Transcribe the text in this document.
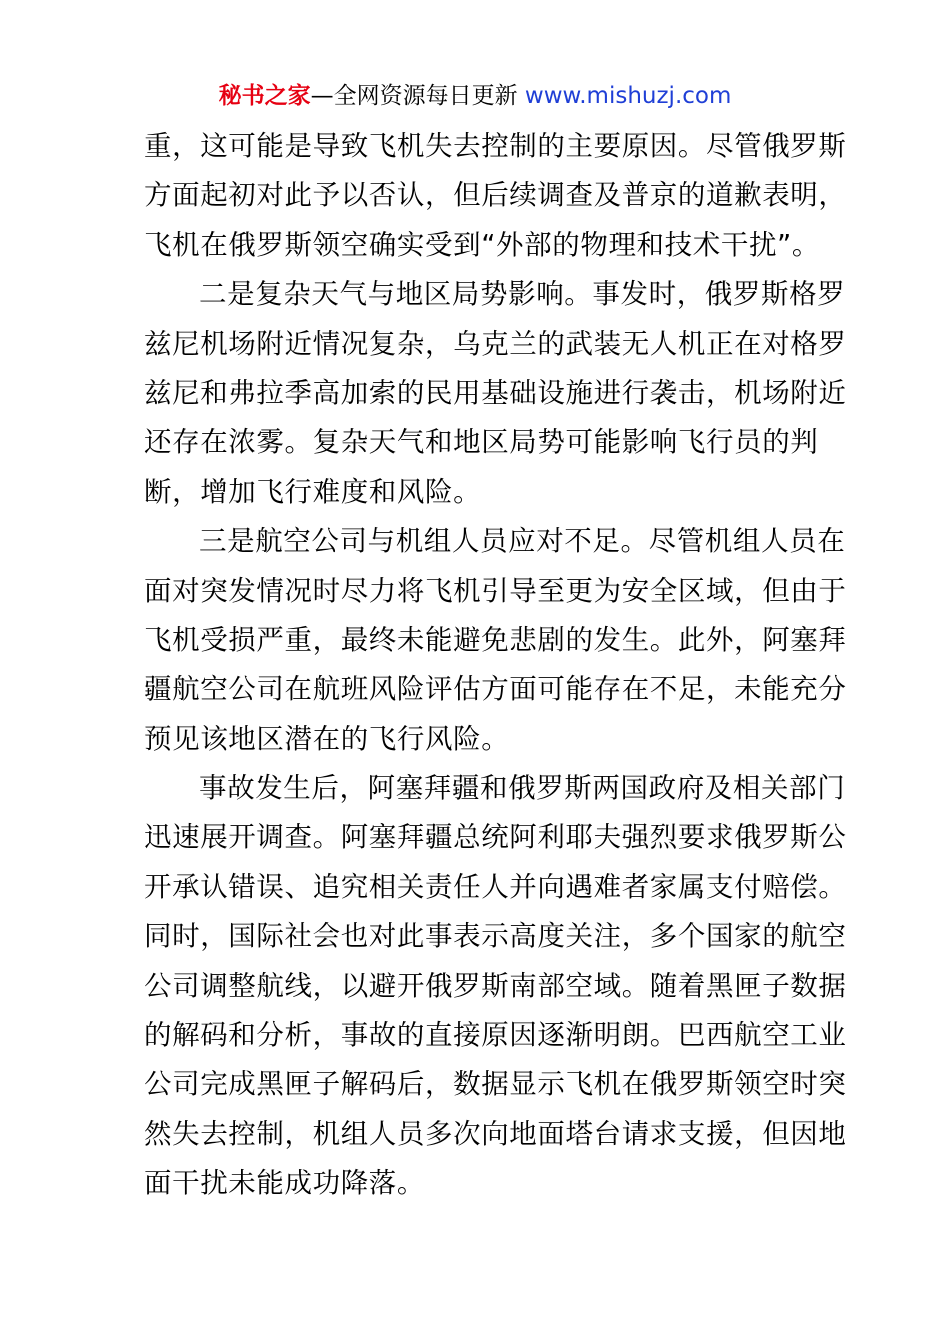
秘书之家—全网资源每日更新 www.mishuzj.com
重，这可能是导致飞机失去控制的主要原因。尽管俄罗斯
方面起初对此予以否认，但后续调查及普京的道歉表明，
飞机在俄罗斯领空确实受到“外部的物理和技术干扰”。
二是复杂天气与地区局势影响。事发时，俄罗斯格罗
兹尼机场附近情况复杂，乌克兰的武装无人机正在对格罗
兹尼和弗拉季高加索的民用基础设施进行袭击，机场附近
还存在浓雾。复杂天气和地区局势可能影响飞行员的判
断，增加飞行难度和风险。
三是航空公司与机组人员应对不足。尽管机组人员在
面对突发情况时尽力将飞机引导至更为安全区域，但由于
飞机受损严重，最终未能避免悲剧的发生。此外，阿塞拜
疆航空公司在航班风险评估方面可能存在不足，未能充分
预见该地区潜在的飞行风险。
事故发生后，阿塞拜疆和俄罗斯两国政府及相关部门
迅速展开调查。阿塞拜疆总统阿利耶夫强烈要求俄罗斯公
开承认错误、追究相关责任人并向遇难者家属支付赔偿。
同时，国际社会也对此事表示高度关注，多个国家的航空
公司调整航线，以避开俄罗斯南部空域。随着黑匣子数据
的解码和分析，事故的直接原因逐渐明朗。巴西航空工业
公司完成黑匣子解码后，数据显示飞机在俄罗斯领空时突
然失去控制，机组人员多次向地面塔台请求支援，但因地
面干扰未能成功降落。
